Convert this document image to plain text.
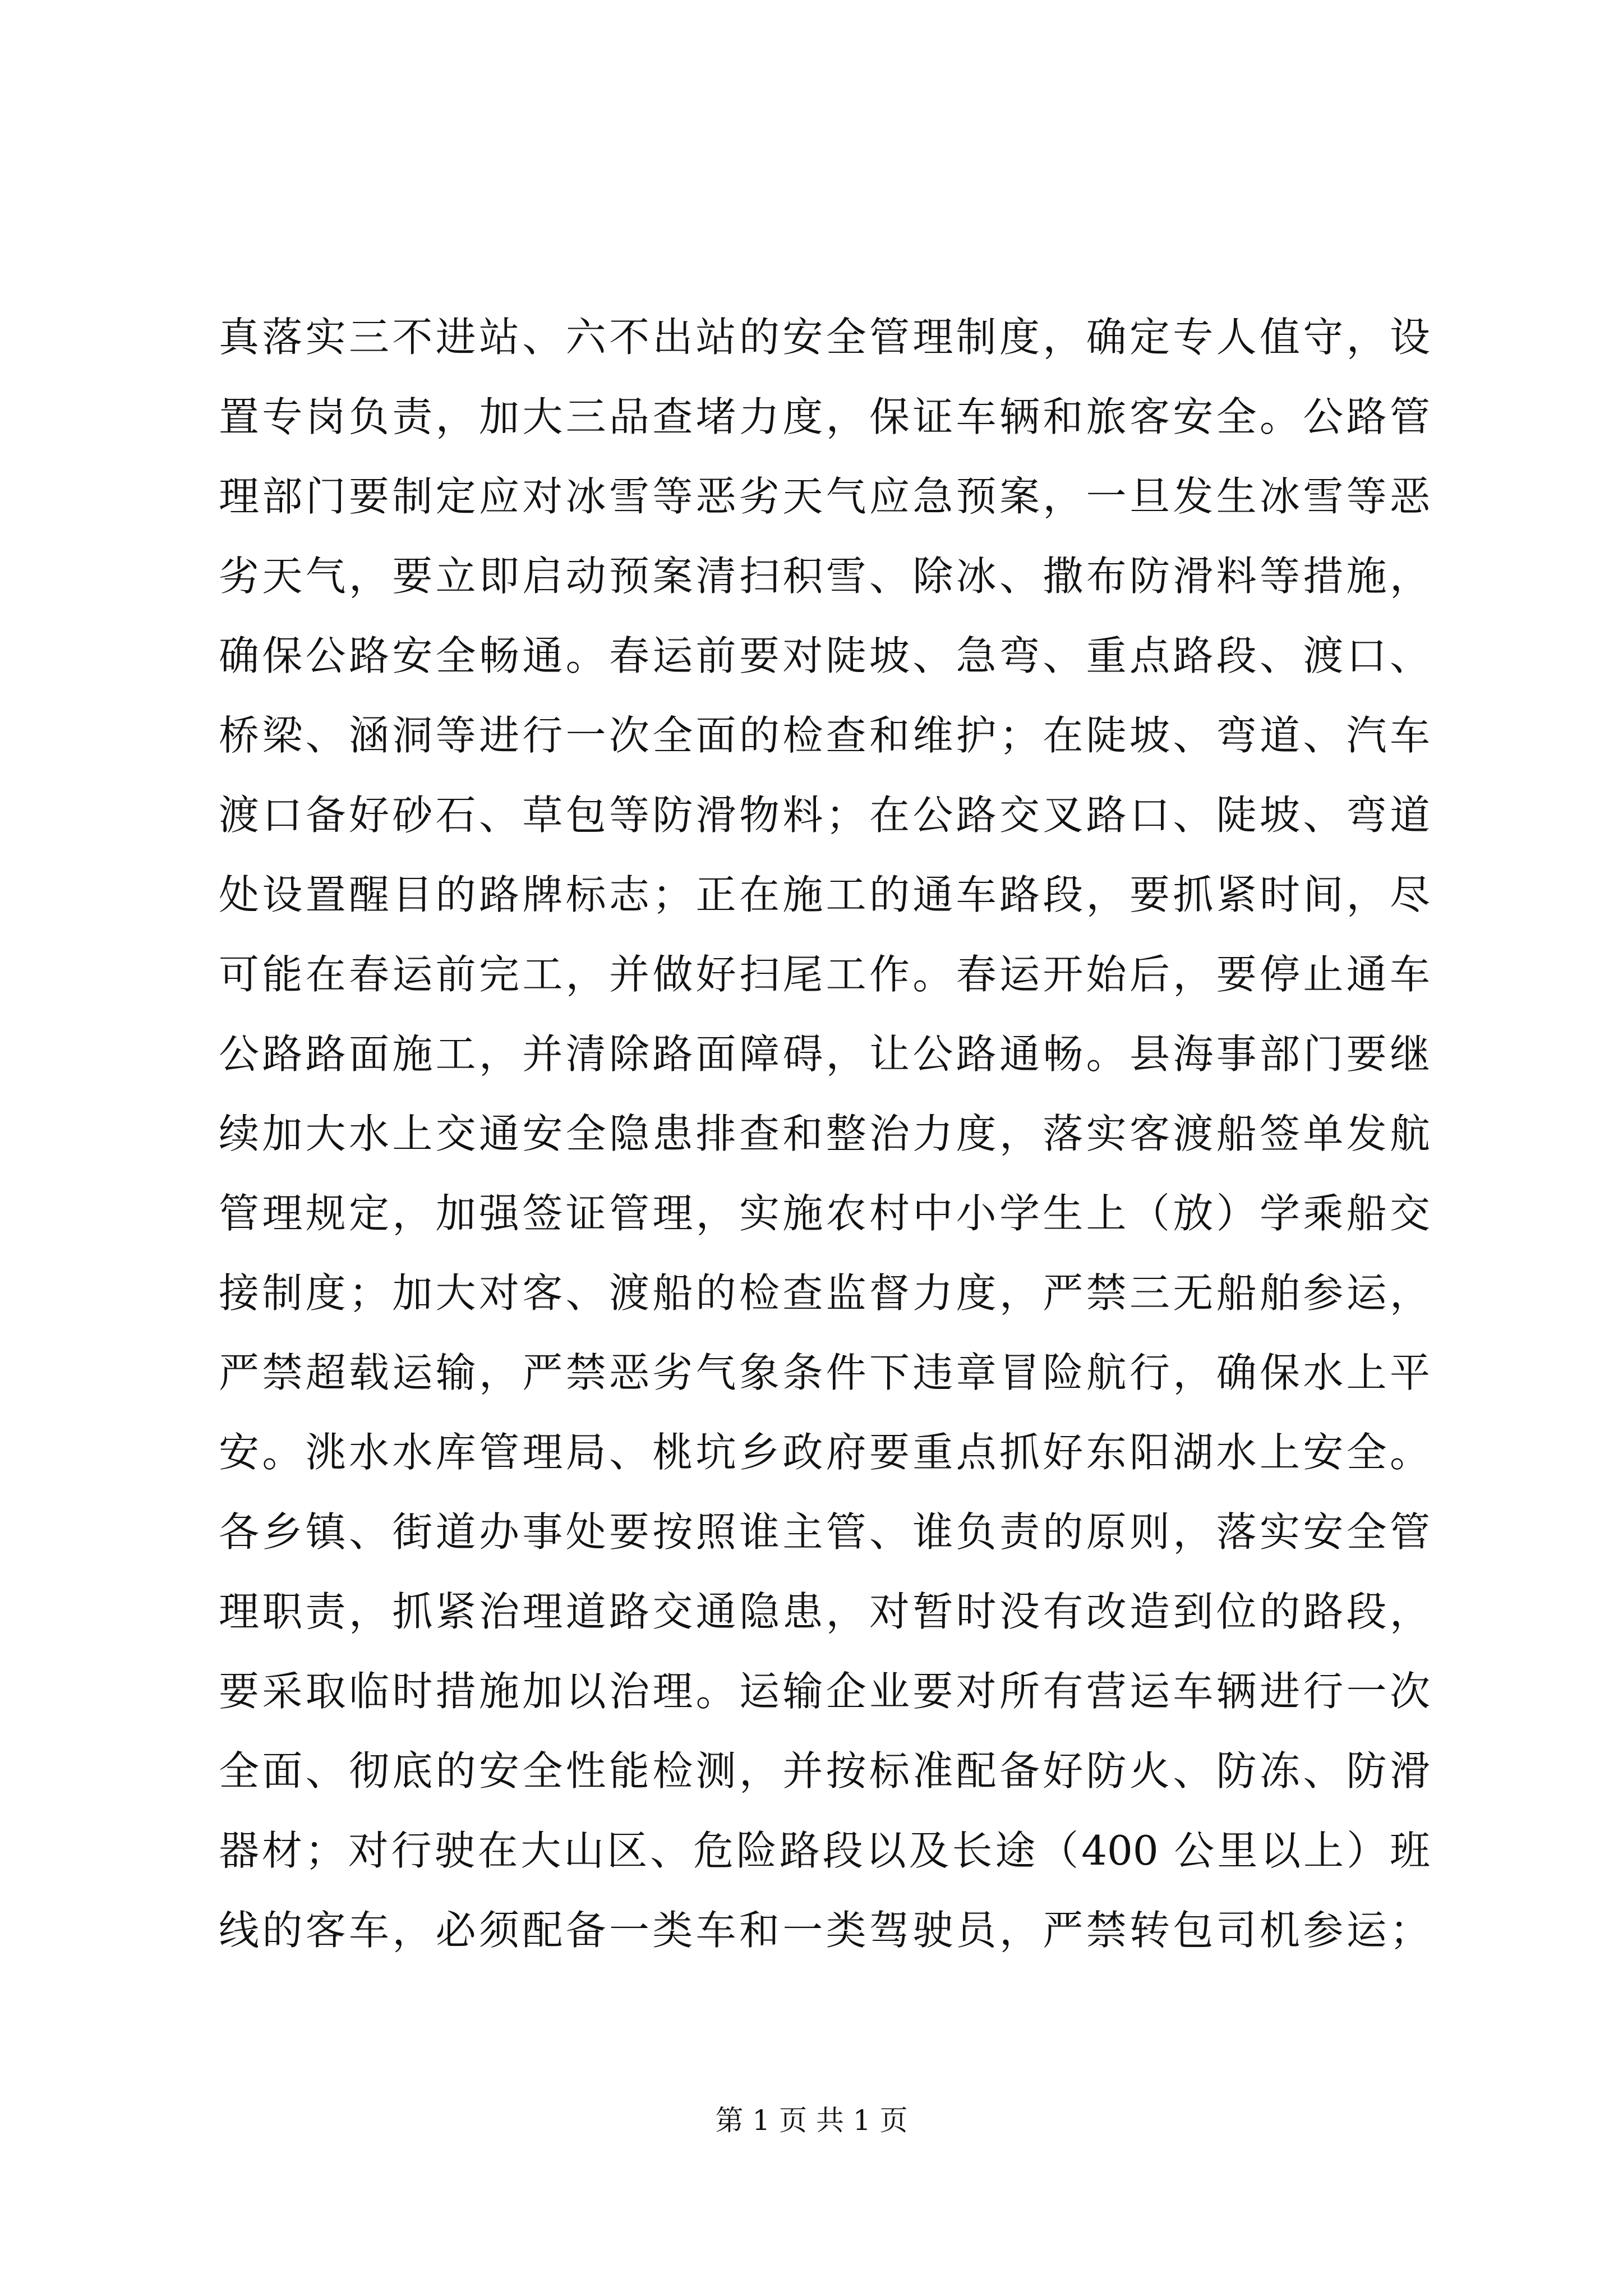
真落实三不进站、六不出站的安全管理制度，确定专人值守，设
置专岗负责，加大三品查堵力度，保证车辆和旅客安全。公路管
理部门要制定应对冰雪等恶劣天气应急预案，一旦发生冰雪等恶
劣天气，要立即启动预案清扫积雪、除冰、撒布防滑料等措施，
确保公路安全畅通。春运前要对陡坡、急弯、重点路段、渡口、
桥梁、涵洞等进行一次全面的检查和维护；在陡坡、弯道、汽车
渡口备好砂石、草包等防滑物料；在公路交叉路口、陡坡、弯道
处设置醒目的路牌标志；正在施工的通车路段，要抓紧时间，尽
可能在春运前完工，并做好扫尾工作。春运开始后，要停止通车
公路路面施工，并清除路面障碍，让公路通畅。县海事部门要继
续加大水上交通安全隐患排查和整治力度，落实客渡船签单发航
管理规定，加强签证管理，实施农村中小学生上（放）学乘船交
接制度；加大对客、渡船的检查监督力度，严禁三无船舶参运，
严禁超载运输，严禁恶劣气象条件下违章冒险航行，确保水上平
安。洮水水库管理局、桃坑乡政府要重点抓好东阳湖水上安全。
各乡镇、街道办事处要按照谁主管、谁负责的原则，落实安全管
理职责，抓紧治理道路交通隐患，对暂时没有改造到位的路段，
要采取临时措施加以治理。运输企业要对所有营运车辆进行一次
全面、彻底的安全性能检测，并按标准配备好防火、防冻、防滑
器材；对行驶在大山区、危险路段以及长途（400 公里以上）班
线的客车，必须配备一类车和一类驾驶员，严禁转包司机参运；
第 1 页 共 1 页
